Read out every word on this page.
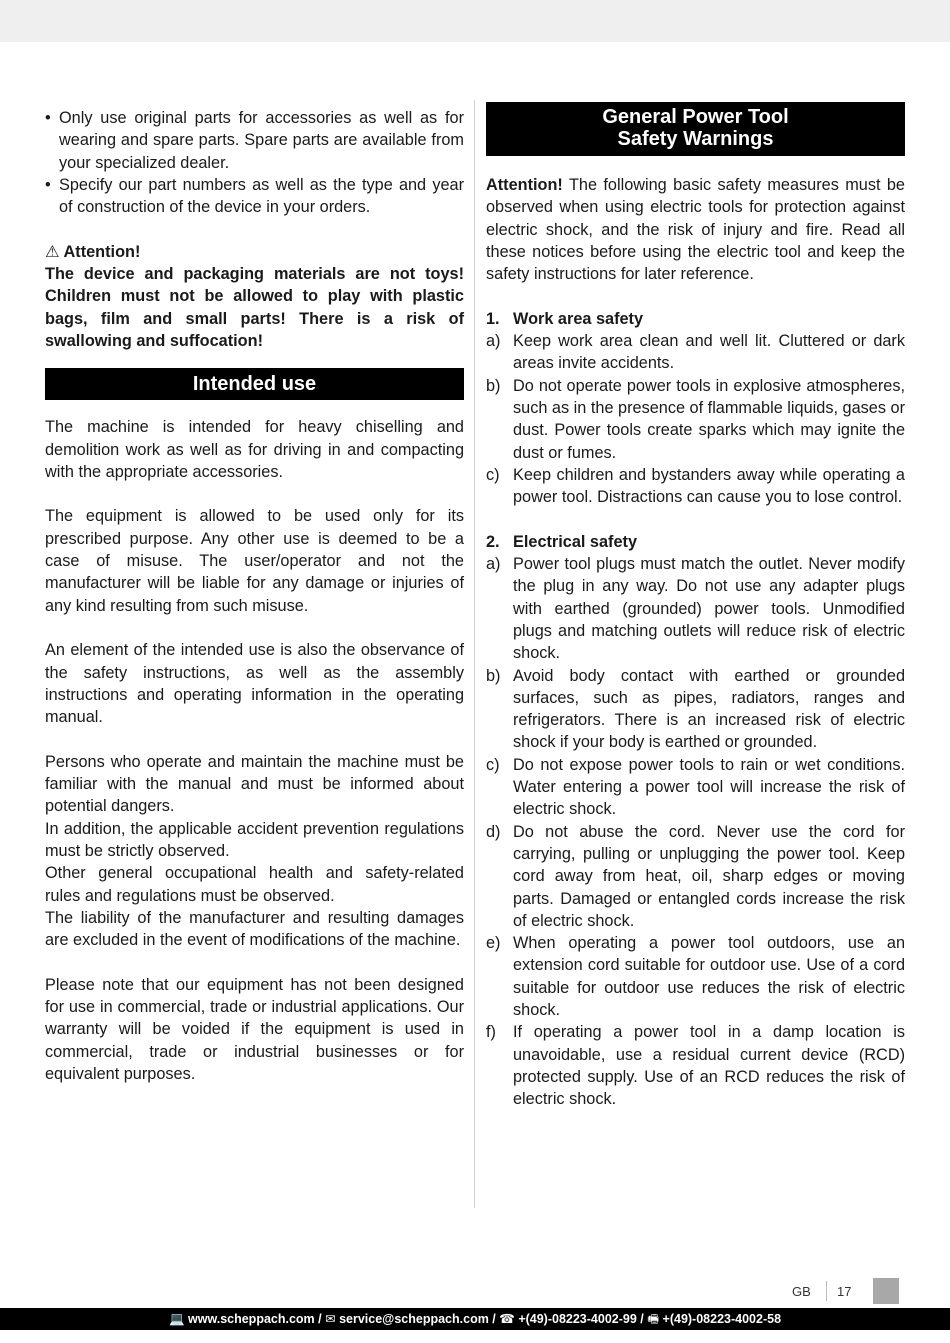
• Only use original parts for accessories as well as for wearing and spare parts. Spare parts are available from your specialized dealer.
• Specify our part numbers as well as the type and year of construction of the device in your orders.
⚠ Attention!

The device and packaging materials are not toys! Children must not be allowed to play with plastic bags, film and small parts! There is a risk of swallowing and suffocation!

Intended use

The machine is intended for heavy chiselling and demolition work as well as for driving in and compacting with the appropriate accessories.

The equipment is allowed to be used only for its prescribed purpose. Any other use is deemed to be a case of misuse. The user/operator and not the manufacturer will be liable for any damage or injuries of any kind resulting from such misuse.

An element of the intended use is also the observance of the safety instructions, as well as the assembly instructions and operating information in the operating manual.

Persons who operate and maintain the machine must be familiar with the manual and must be informed about potential dangers.

In addition, the applicable accident prevention regulations must be strictly observed.

Other general occupational health and safety-related rules and regulations must be observed.

The liability of the manufacturer and resulting damages are excluded in the event of modifications of the machine.

Please note that our equipment has not been designed for use in commercial, trade or industrial applications. Our warranty will be voided if the equipment is used in commercial, trade or industrial businesses or for equivalent purposes.

General Power Tool
Safety Warnings

Attention! The following basic safety measures must be observed when using electric tools for protection against electric shock, and the risk of injury and fire. Read all these notices before using the electric tool and keep the safety instructions for later reference.

1. Work area safety
a) Keep work area clean and well lit. Cluttered or dark areas invite accidents.
b) Do not operate power tools in explosive atmospheres, such as in the presence of flammable liquids, gases or dust. Power tools create sparks which may ignite the dust or fumes.
c) Keep children and bystanders away while operating a power tool. Distractions can cause you to lose control.
2. Electrical safety
a) Power tool plugs must match the outlet. Never modify the plug in any way. Do not use any adapter plugs with earthed (grounded) power tools. Unmodified plugs and matching outlets will reduce risk of electric shock.
b) Avoid body contact with earthed or grounded surfaces, such as pipes, radiators, ranges and refrigerators. There is an increased risk of electric shock if your body is earthed or grounded.
c) Do not expose power tools to rain or wet conditions. Water entering a power tool will increase the risk of electric shock.
d) Do not abuse the cord. Never use the cord for carrying, pulling or unplugging the power tool. Keep cord away from heat, oil, sharp edges or moving parts. Damaged or entangled cords increase the risk of electric shock.
e) When operating a power tool outdoors, use an extension cord suitable for outdoor use. Use of a cord suitable for outdoor use reduces the risk of electric shock.
f)	If operating a power tool in a damp location is unavoidable, use a residual current device (RCD) protected supply. Use of an RCD reduces the risk of electric shock.
GB 17
💻 www.scheppach.com / ✉ service@scheppach.com / ☎ +(49)-08223-4002-99 / 🖷 +(49)-08223-4002-58
